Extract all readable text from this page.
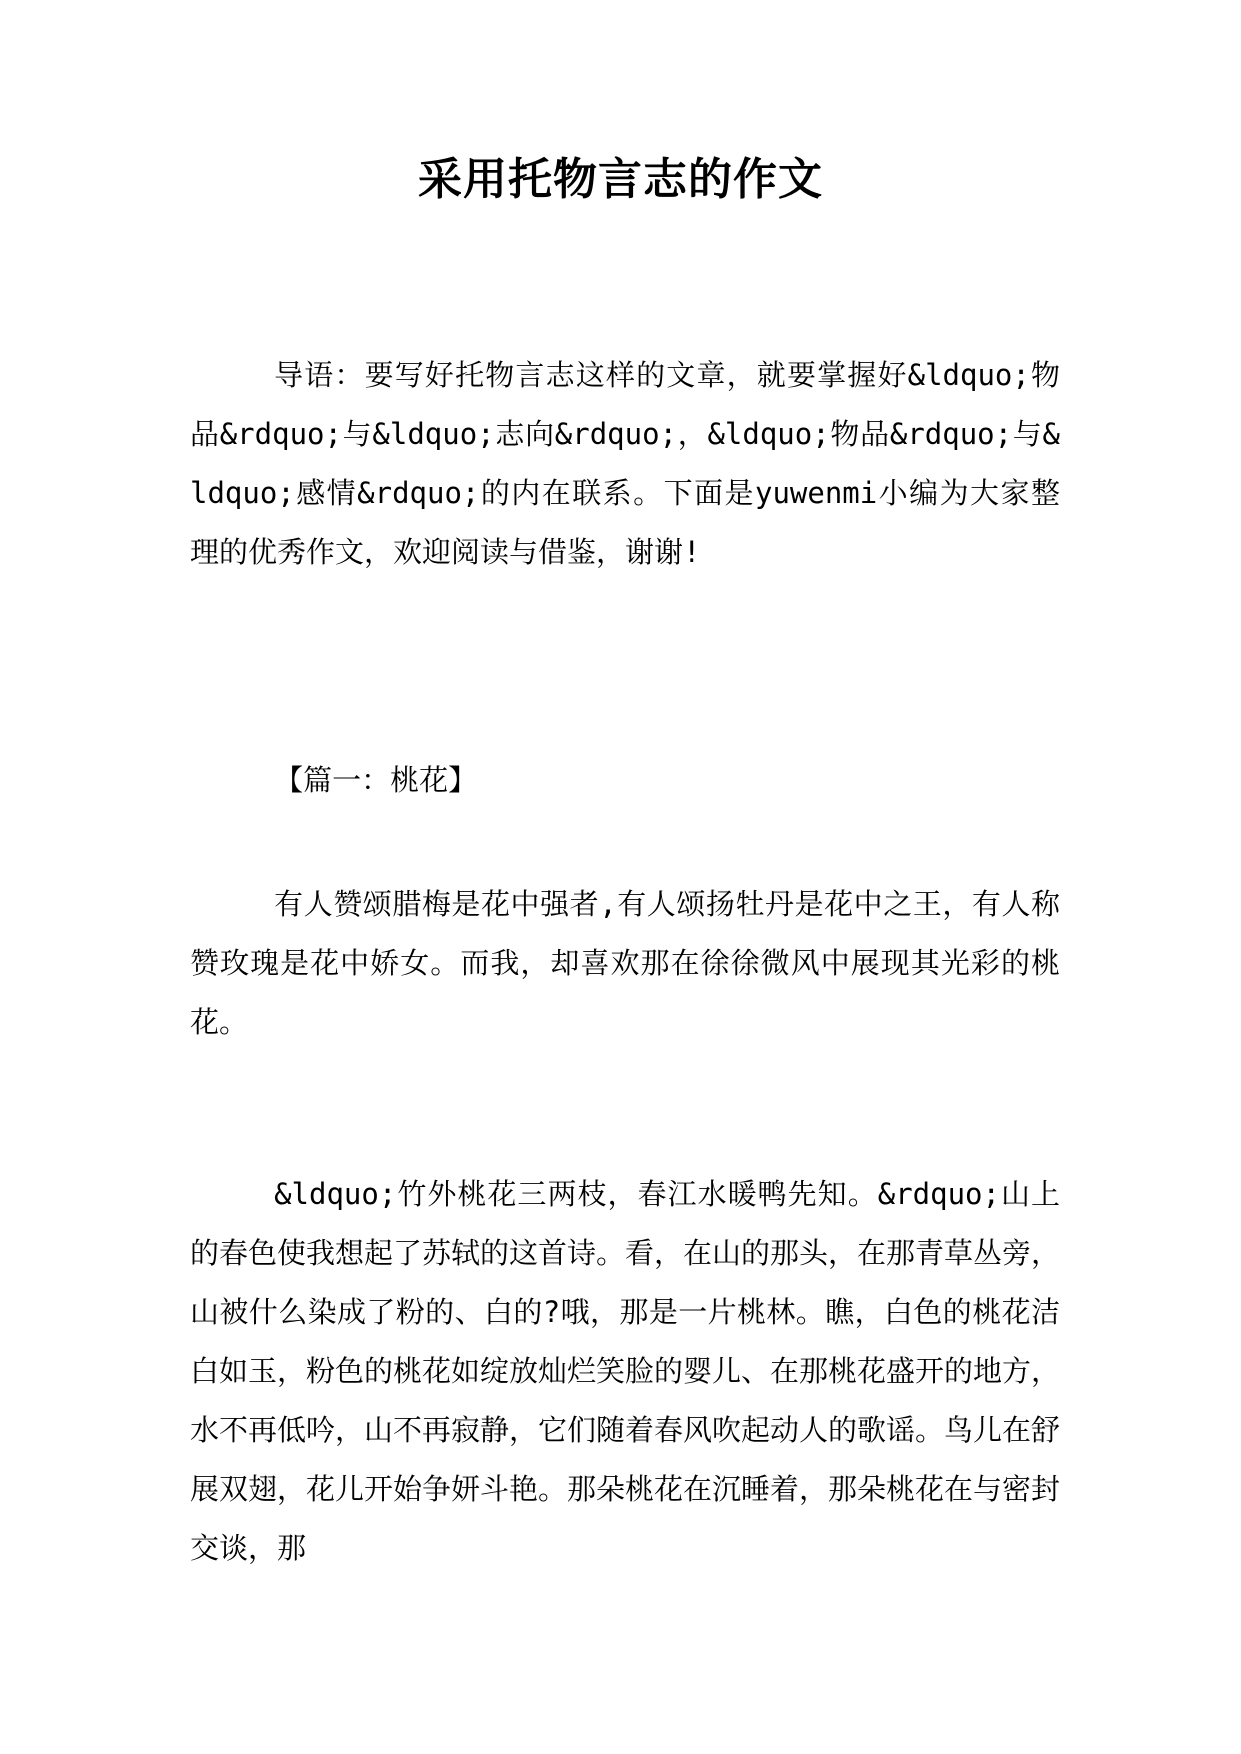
采用托物言志的作文

导语：要写好托物言志这样的文章，就要掌握好&ldquo;物品&rdquo;与&ldquo;志向&rdquo;，&ldquo;物品&rdquo;与&ldquo;感情&rdquo;的内在联系。下面是yuwenmi小编为大家整理的优秀作文，欢迎阅读与借鉴，谢谢!

【篇一：桃花】

有人赞颂腊梅是花中强者,有人颂扬牡丹是花中之王，有人称赞玫瑰是花中娇女。而我，却喜欢那在徐徐微风中展现其光彩的桃花。

&ldquo;竹外桃花三两枝，春江水暖鸭先知。&rdquo;山上的春色使我想起了苏轼的这首诗。看，在山的那头，在那青草丛旁，山被什么染成了粉的、白的?哦，那是一片桃林。瞧，白色的桃花洁白如玉，粉色的桃花如绽放灿烂笑脸的婴儿、在那桃花盛开的地方，水不再低吟，山不再寂静，它们随着春风吹起动人的歌谣。鸟儿在舒展双翅，花儿开始争妍斗艳。那朵桃花在沉睡着，那朵桃花在与密封交谈，那
